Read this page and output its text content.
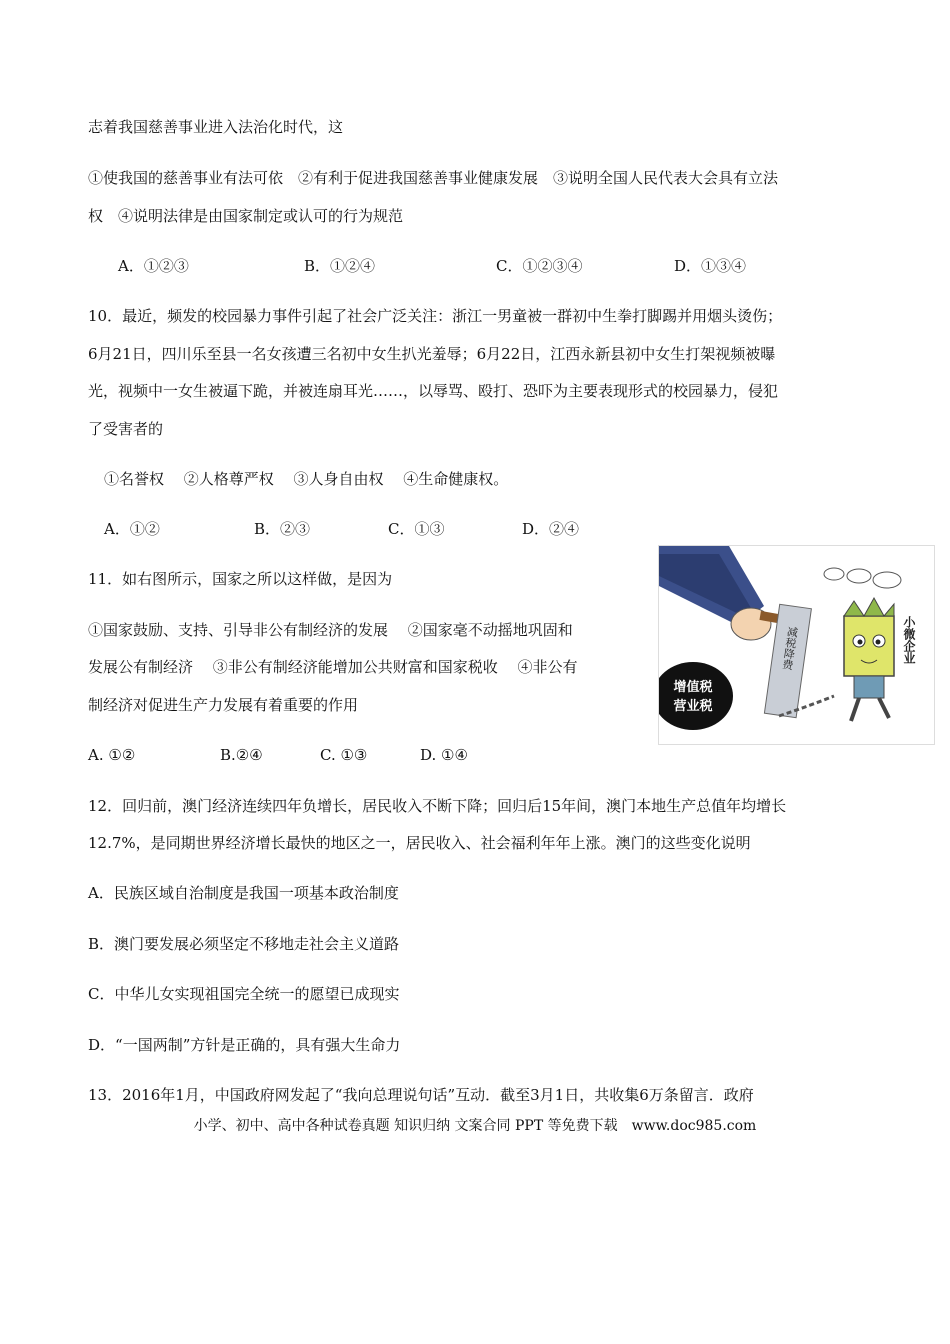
志着我国慈善事业进入法治化时代，这
①使我国的慈善事业有法可依　②有利于促进我国慈善事业健康发展　③说明全国人民代表大会具有立法
权　④说明法律是由国家制定或认可的行为规范
A．①②③	B．①②④	C．①②③④	D．①③④
10．最近，频发的校园暴力事件引起了社会广泛关注：浙江一男童被一群初中生拳打脚踢并用烟头烫伤；
6月21日，四川乐至县一名女孩遭三名初中女生扒光羞辱；6月22日，江西永新县初中女生打架视频被曝
光，视频中一女生被逼下跪，并被连扇耳光……，以辱骂、殴打、恐吓为主要表现形式的校园暴力，侵犯
了受害者的
①名誉权　 ②人格尊严权　 ③人身自由权　 ④生命健康权。
A．①②	B．②③	C．①③	D．②④
11．如右图所示，国家之所以这样做，是因为
①国家鼓励、支持、引导非公有制经济的发展　 ②国家毫不动摇地巩固和
发展公有制经济　 ③非公有制经济能增加公共财富和国家税收　 ④非公有
制经济对促进生产力发展有着重要的作用
A. ①②	B.②④	C. ①③	D. ①④
减税降费	小微企业
增值税
营业税
12．回归前，澳门经济连续四年负增长，居民收入不断下降；回归后15年间，澳门本地生产总值年均增长
12.7%，是同期世界经济增长最快的地区之一，居民收入、社会福利年年上涨。澳门的这些变化说明
A．民族区域自治制度是我国一项基本政治制度
B．澳门要发展必须坚定不移地走社会主义道路
C．中华儿女实现祖国完全统一的愿望已成现实
D．“一国两制”方针是正确的，具有强大生命力
13．2016年1月，中国政府网发起了“我向总理说句话”互动．截至3月1日，共收集6万条留言．政府
小学、初中、高中各种试卷真题 知识归纳 文案合同 PPT 等免费下载　www.doc985.com
